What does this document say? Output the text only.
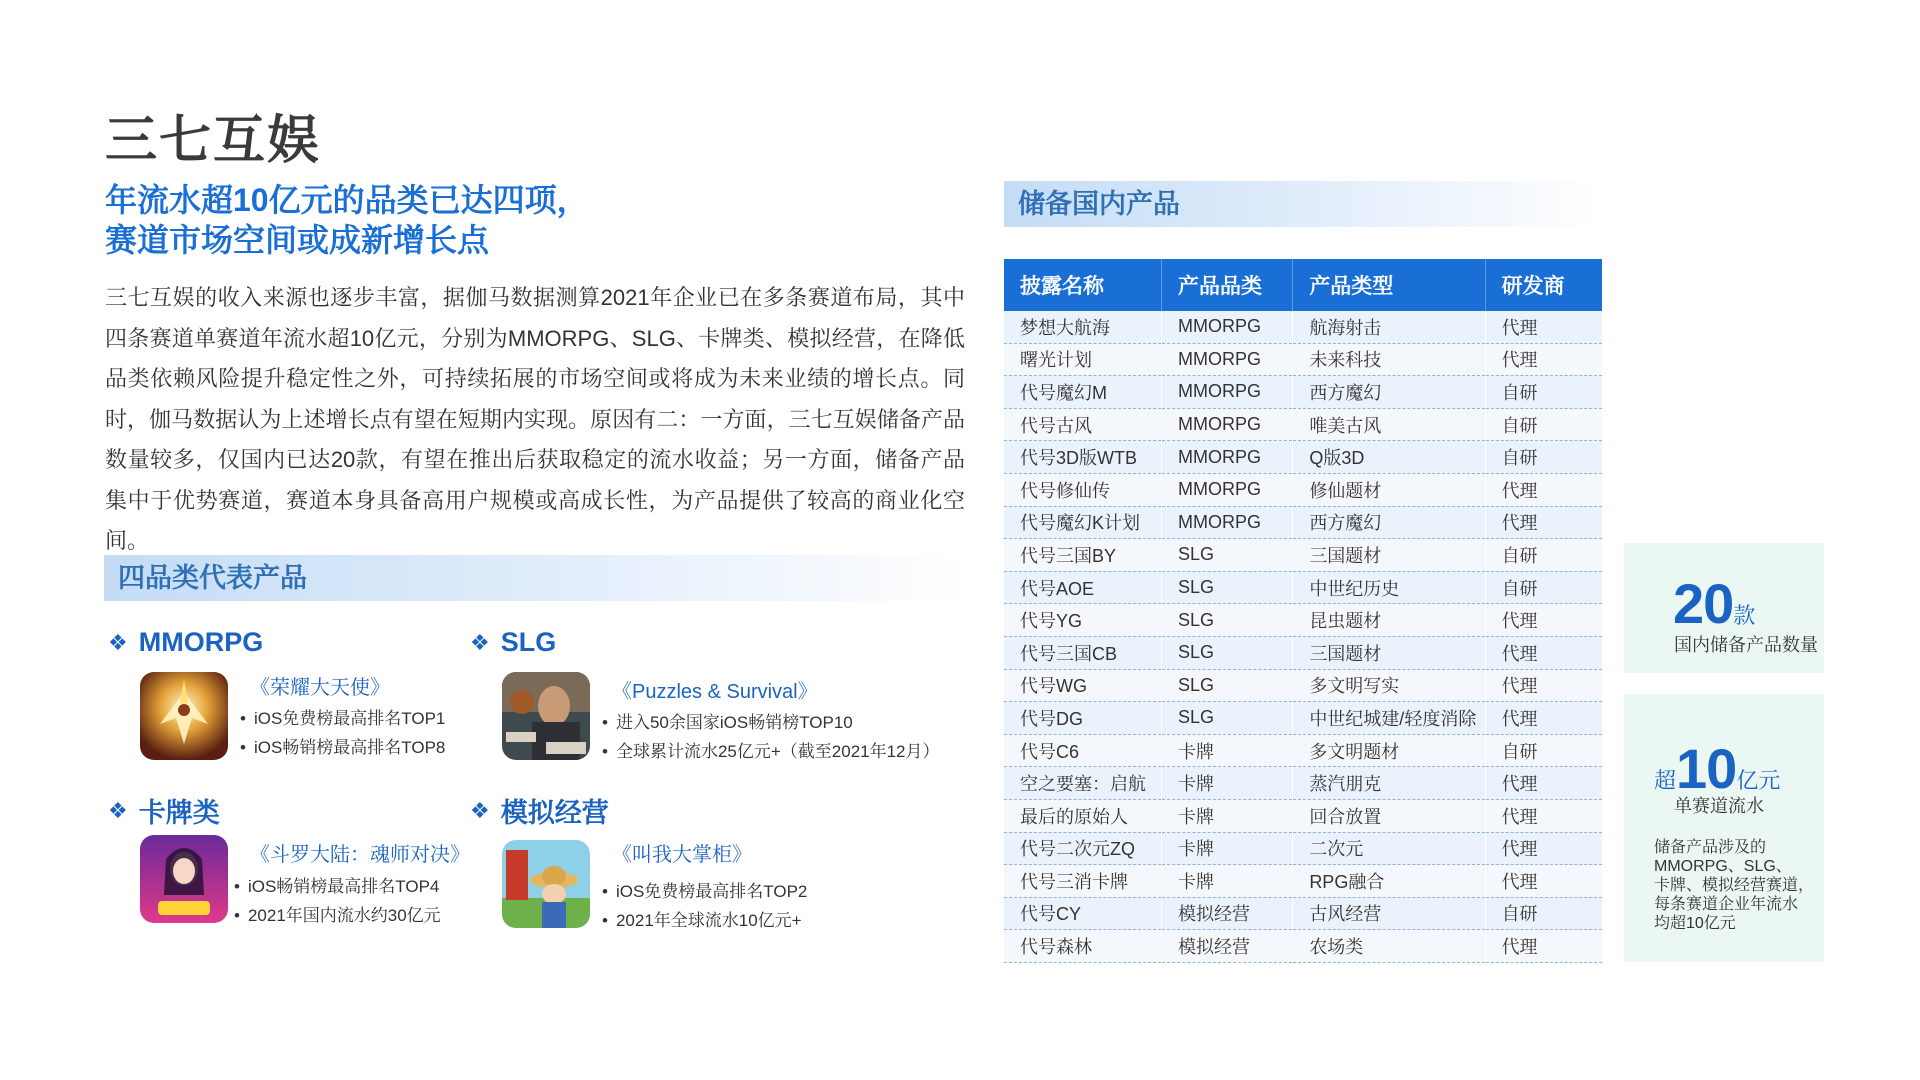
三七互娱
年流水超10亿元的品类已达四项，
赛道市场空间或成新增长点
三七互娱的收入来源也逐步丰富，据伽马数据测算2021年企业已在多条赛道布局，其中四条赛道单赛道年流水超10亿元，分别为MMORPG、SLG、卡牌类、模拟经营，在降低品类依赖风险提升稳定性之外，可持续拓展的市场空间或将成为未来业绩的增长点。同时，伽马数据认为上述增长点有望在短期内实现。原因有二：一方面，三七互娱储备产品数量较多，仅国内已达20款，有望在推出后获取稳定的流水收益；另一方面，储备产品集中于优势赛道，赛道本身具备高用户规模或高成长性，为产品提供了较高的商业化空间。
四品类代表产品
❖ MMORPG
《荣耀大天使》
• iOS免费榜最高排名TOP1
• iOS畅销榜最高排名TOP8
❖ SLG
《Puzzles & Survival》
• 进入50余国家iOS畅销榜TOP10
• 全球累计流水25亿元+（截至2021年12月）
❖ 卡牌类
《斗罗大陆：魂师对决》
• iOS畅销榜最高排名TOP4
• 2021年国内流水约30亿元
❖ 模拟经营
《叫我大掌柜》
• iOS免费榜最高排名TOP2
• 2021年全球流水10亿元+
储备国内产品
披露名称	产品品类	产品类型	研发商
梦想大航海	MMORPG	航海射击	代理
曙光计划	MMORPG	未来科技	代理
代号魔幻M	MMORPG	西方魔幻	自研
代号古风	MMORPG	唯美古风	自研
代号3D版WTB	MMORPG	Q版3D	自研
代号修仙传	MMORPG	修仙题材	代理
代号魔幻K计划	MMORPG	西方魔幻	代理
代号三国BY	SLG	三国题材	自研
代号AOE	SLG	中世纪历史	自研
代号YG	SLG	昆虫题材	代理
代号三国CB	SLG	三国题材	代理
代号WG	SLG	多文明写实	代理
代号DG	SLG	中世纪城建/轻度消除	代理
代号C6	卡牌	多文明题材	自研
空之要塞：启航	卡牌	蒸汽朋克	代理
最后的原始人	卡牌	回合放置	代理
代号二次元ZQ	卡牌	二次元	代理
代号三消卡牌	卡牌	RPG融合	代理
代号CY	模拟经营	古风经营	自研
代号森林	模拟经营	农场类	代理
20款
国内储备产品数量
超10亿元
单赛道流水
储备产品涉及的
MMORPG、SLG、
卡牌、模拟经营赛道，
每条赛道企业年流水
均超10亿元
